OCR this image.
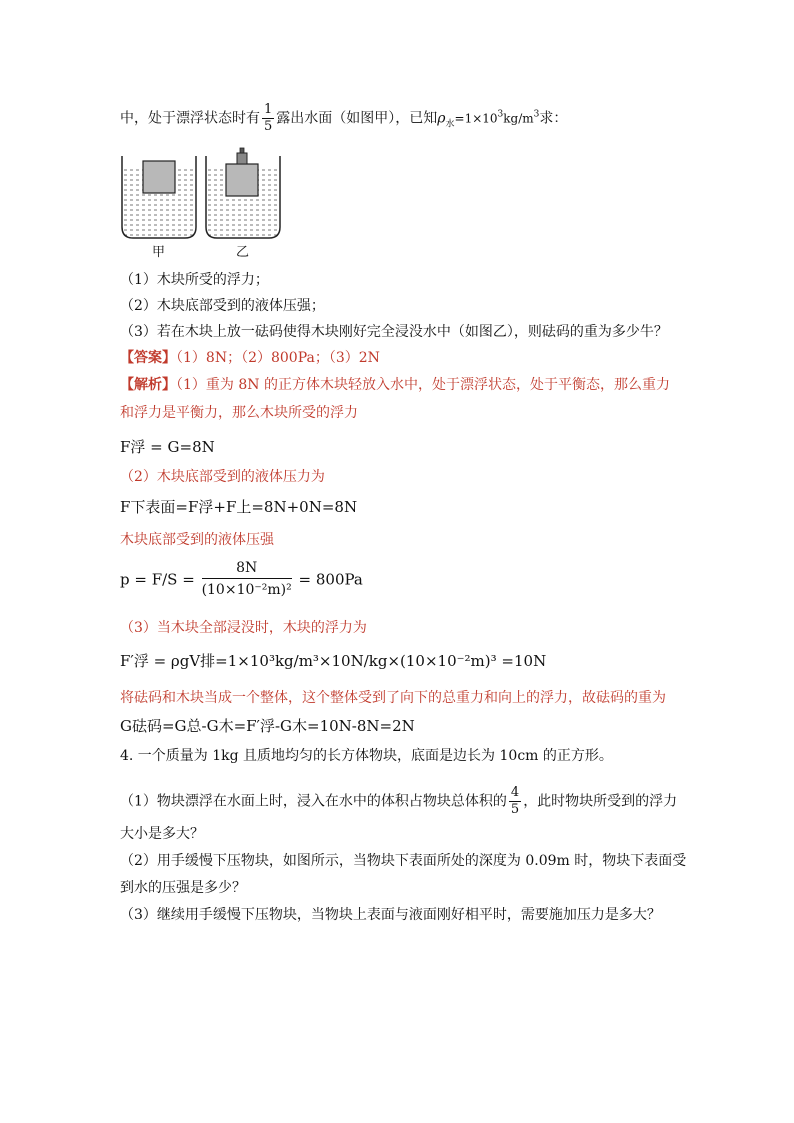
中，处于漂浮状态时有 $\frac{1}{5}$ 露出水面（如图甲），已知$\rho_水=1\times 10^3kg/m^3$求：
甲	乙
（1）木块所受的浮力；
（2）木块底部受到的液体压强；
（3）若在木块上放一砝码使得木块刚好完全浸没水中（如图乙），则砝码的重为多少牛？
【答案】（1）8N；（2）800Pa；（3）2N
【解析】（1）重为 8N 的正方体木块轻放入水中，处于漂浮状态，处于平衡态，那么重力
和浮力是平衡力，那么木块所受的浮力
F浮 = G=8N
（2）木块底部受到的液体压力为
F下表面=F浮+F上=8N+0N=8N
木块底部受到的液体压强
$p = F/S = \frac{8N}{\text{(10×10⁻²m)²}} = 800Pa$
（3）当木块全部浸没时，木块的浮力为
F′浮 = ρgV排=1×10³kg/m³×10N/kg×(10×10⁻²m)³ =10N
将砝码和木块当成一个整体，这个整体受到了向下的总重力和向上的浮力，故砝码的重为
G砝码=G总-G木=F′浮-G木=10N-8N=2N
4. 一个质量为 1kg 且质地均匀的长方体物块，底面是边长为 10cm 的正方形。
（1）物块漂浮在水面上时，浸入在水中的体积占物块总体积的 $\frac{4}{5}$ ，此时物块所受到的浮力
大小是多大？
（2）用手缓慢下压物块，如图所示，当物块下表面所处的深度为 0.09m 时，物块下表面受
到水的压强是多少？
（3）继续用手缓慢下压物块，当物块上表面与液面刚好相平时，需要施加压力是多大？
